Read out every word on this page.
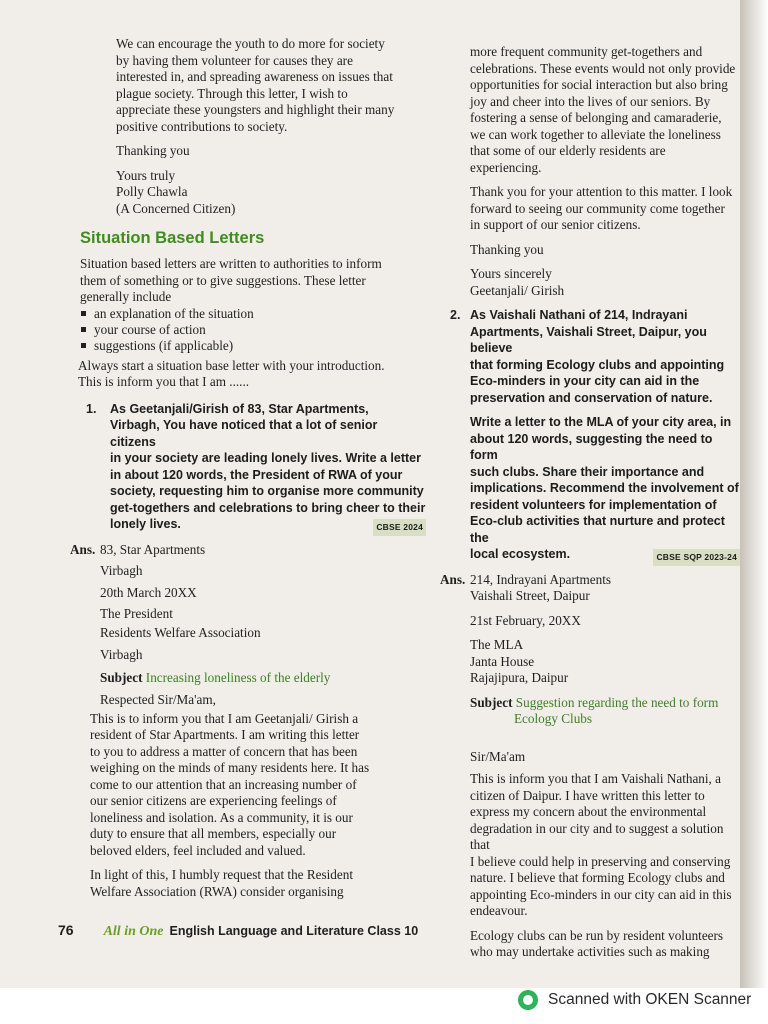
We can encourage the youth to do more for society

by having them volunteer for causes they are

interested in, and spreading awareness on issues that

plague society. Through this letter, I wish to

appreciate these youngsters and highlight their many

positive contributions to society.

Thanking you

Yours truly

Polly Chawla

(A Concerned Citizen)

Situation Based Letters

Situation based letters are written to authorities to inform

them of something or to give suggestions. These letter

generally include

an explanation of the situation
your course of action
suggestions (if applicable)

Always start a situation base letter with your introduction.

This is inform you that I am ......

1.	As Geetanjali/Girish of 83, Star Apartments,
Virbagh, You have noticed that a lot of senior citizens
in your society are leading lonely lives. Write a letter
in about 120 words, the President of RWA of your
society, requesting him to organise more community
get-togethers and celebrations to bring cheer to their
CBSE 2024
lonely lives.
Ans. 83, Star Apartments

Virbagh

20th March 20XX

The President

Residents Welfare Association

Virbagh

Subject Increasing loneliness of the elderly

Respected Sir/Ma'am,

This is to inform you that I am Geetanjali/ Girish a

resident of Star Apartments. I am writing this letter

to you to address a matter of concern that has been

weighing on the minds of many residents here. It has

come to our attention that an increasing number of

our senior citizens are experiencing feelings of

loneliness and isolation. As a community, it is our

duty to ensure that all members, especially our

beloved elders, feel included and valued.

In light of this, I humbly request that the Resident

Welfare Association (RWA) consider organising

more frequent community get-togethers and

celebrations. These events would not only provide

opportunities for social interaction but also bring

joy and cheer into the lives of our seniors. By

fostering a sense of belonging and camaraderie,

we can work together to alleviate the loneliness

that some of our elderly residents are

experiencing.

Thank you for your attention to this matter. I look

forward to seeing our community come together

in support of our senior citizens.

Thanking you

Yours sincerely

Geetanjali/ Girish

2. As Vaishali Nathani of 214, Indrayani
Apartments, Vaishali Street, Daipur, you believe
that forming Ecology clubs and appointing
Eco-minders in your city can aid in the
preservation and conservation of nature.
Write a letter to the MLA of your city area, in
about 120 words, suggesting the need to form
such clubs. Share their importance and
implications. Recommend the involvement of
resident volunteers for implementation of
Eco-club activities that nurture and protect the
CBSE SQP 2023-24
local ecosystem.
Ans. 214, Indrayani Apartments

Vaishali Street, Daipur

21st February, 20XX

The MLA

Janta House

Rajajipura, Daipur

Subject Suggestion regarding the need to form

Ecology Clubs

Sir/Ma'am

This is inform you that I am Vaishali Nathani, a

citizen of Daipur. I have written this letter to

express my concern about the environmental

degradation in our city and to suggest a solution that

I believe could help in preserving and conserving

nature. I believe that forming Ecology clubs and

appointing Eco-minders in our city can aid in this

endeavour.

Ecology clubs can be run by resident volunteers

who may undertake activities such as making

76 All in One English Language and Literature Class 10
Scanned with OKEN Scanner
